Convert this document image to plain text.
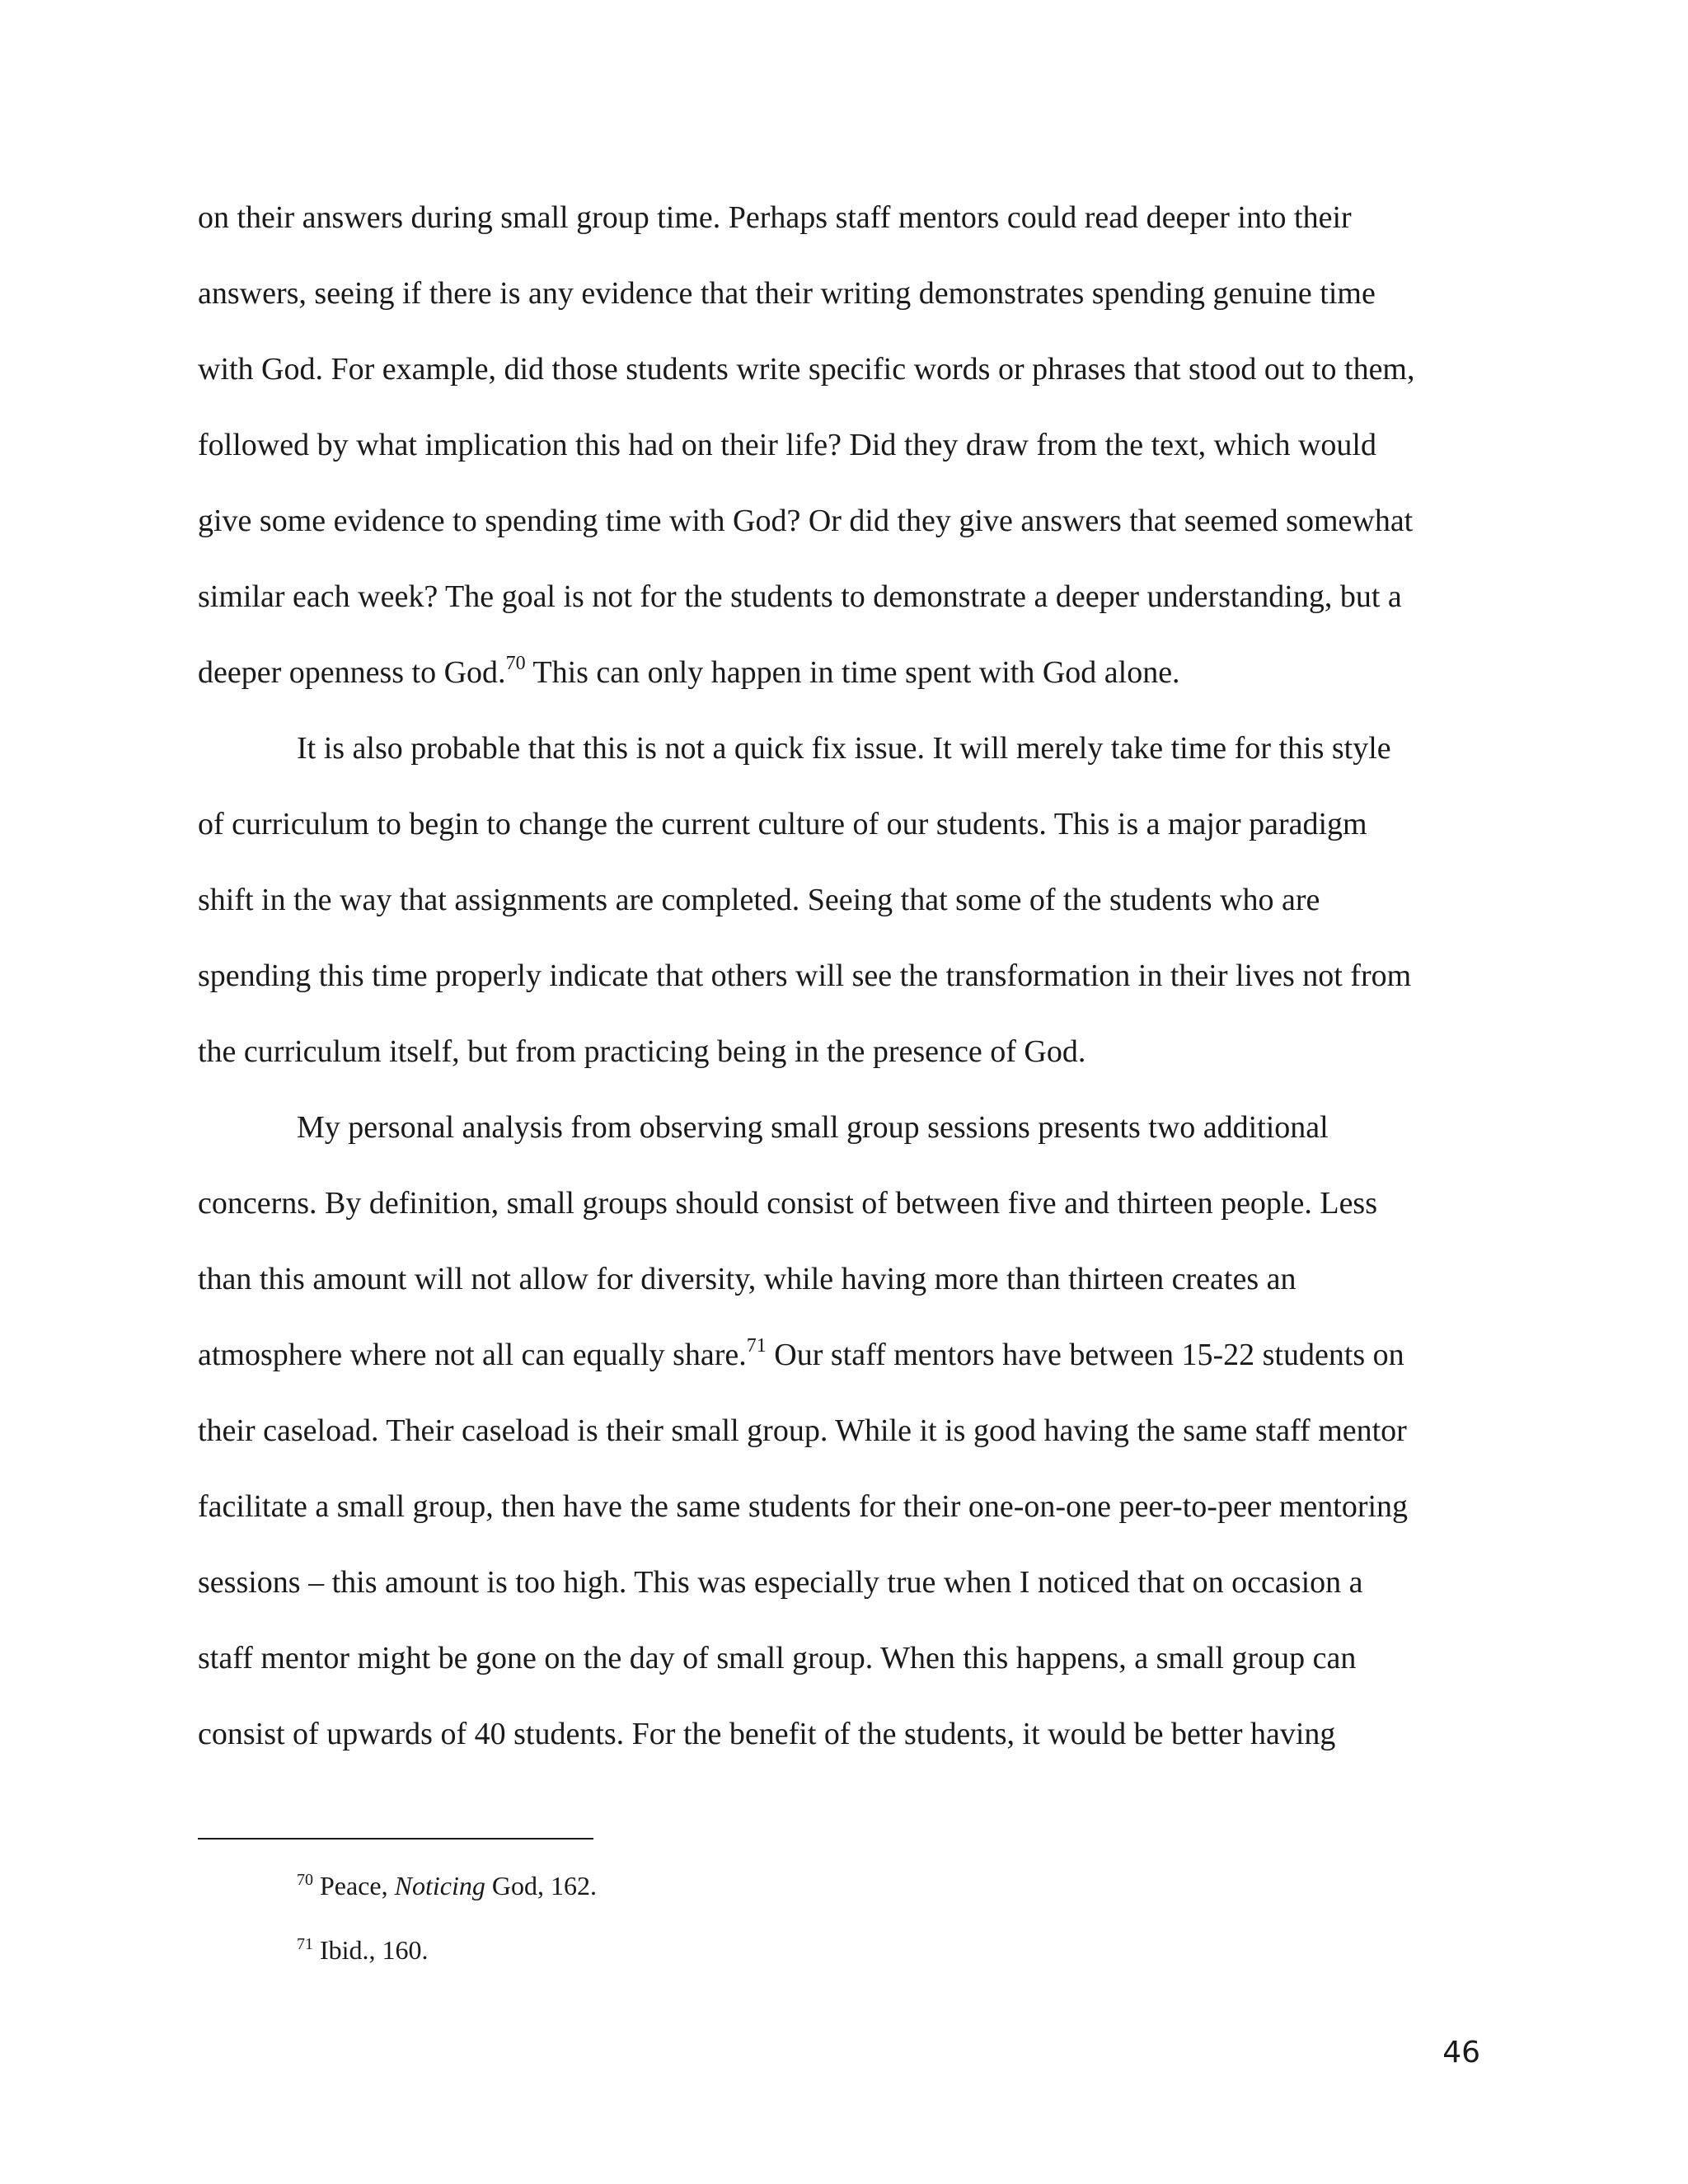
on their answers during small group time. Perhaps staff mentors could read deeper into their
answers, seeing if there is any evidence that their writing demonstrates spending genuine time
with God. For example, did those students write specific words or phrases that stood out to them,
followed by what implication this had on their life? Did they draw from the text, which would
give some evidence to spending time with God? Or did they give answers that seemed somewhat
similar each week? The goal is not for the students to demonstrate a deeper understanding, but a
deeper openness to God.$^{70}$ This can only happen in time spent with God alone.
It is also probable that this is not a quick fix issue. It will merely take time for this style
of curriculum to begin to change the current culture of our students. This is a major paradigm
shift in the way that assignments are completed. Seeing that some of the students who are
spending this time properly indicate that others will see the transformation in their lives not from
the curriculum itself, but from practicing being in the presence of God.
My personal analysis from observing small group sessions presents two additional
concerns. By definition, small groups should consist of between five and thirteen people. Less
than this amount will not allow for diversity, while having more than thirteen creates an
atmosphere where not all can equally share.$^{71}$ Our staff mentors have between 15-22 students on
their caseload. Their caseload is their small group. While it is good having the same staff mentor
facilitate a small group, then have the same students for their one-on-one peer-to-peer mentoring
sessions – this amount is too high. This was especially true when I noticed that on occasion a
staff mentor might be gone on the day of small group. When this happens, a small group can
consist of upwards of 40 students. For the benefit of the students, it would be better having
$^{70}$ Peace, Noticing God, 162.
$^{71}$ Ibid., 160.
46
